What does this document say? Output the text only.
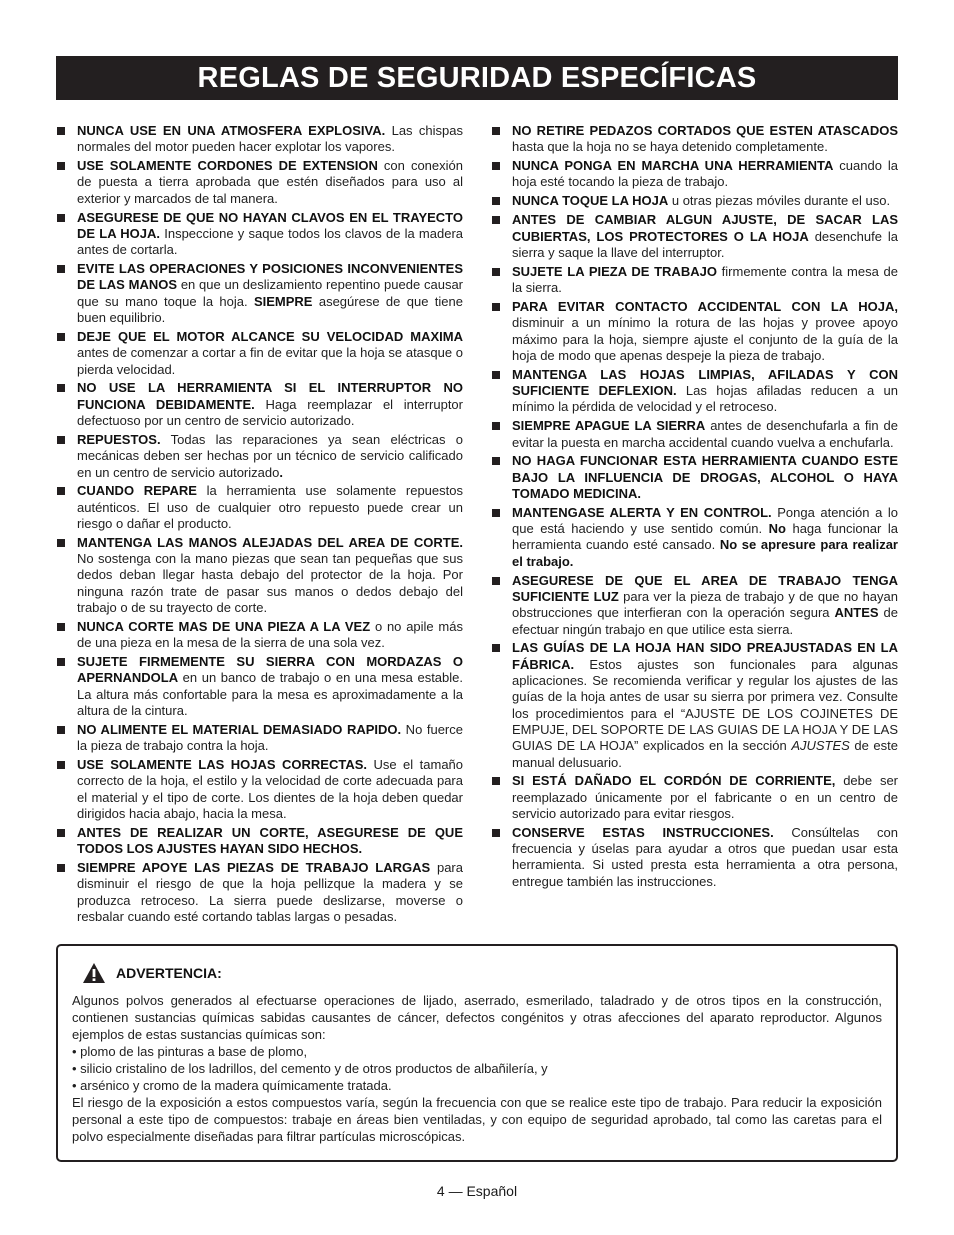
REGLAS DE SEGURIDAD ESPECÍFICAS
NUNCA USE EN UNA ATMOSFERA EXPLOSIVA. Las chispas normales del motor pueden hacer explotar los vapores.
USE SOLAMENTE CORDONES DE EXTENSION con conexión de puesta a tierra aprobada que estén diseñados para uso al exterior y marcados de tal manera.
ASEGURESE DE QUE NO HAYAN CLAVOS EN EL TRAYECTO DE LA HOJA. Inspeccione y saque todos los clavos de la madera antes de cortarla.
EVITE LAS OPERACIONES Y POSICIONES INCONVENIENTES DE LAS MANOS en que un deslizamiento repentino puede causar que su mano toque la hoja. SIEMPRE asegúrese de que tiene buen equilibrio.
DEJE QUE EL MOTOR ALCANCE SU VELOCIDAD MAXIMA antes de comenzar a cortar a fin de evitar que la hoja se atasque o pierda velocidad.
NO USE LA HERRAMIENTA SI EL INTERRUPTOR NO FUNCIONA DEBIDAMENTE. Haga reemplazar el interruptor defectuoso por un centro de servicio autorizado.
REPUESTOS. Todas las reparaciones ya sean eléctricas o mecánicas deben ser hechas por un técnico de servicio calificado en un centro de servicio autorizado.
CUANDO REPARE la herramienta use solamente repuestos auténticos. El uso de cualquier otro repuesto puede crear un riesgo o dañar el producto.
MANTENGA LAS MANOS ALEJADAS DEL AREA DE CORTE. No sostenga con la mano piezas que sean tan pequeñas que sus dedos deban llegar hasta debajo del protector de la hoja. Por ninguna razón trate de pasar sus manos o dedos debajo del trabajo o de su trayecto de corte.
NUNCA CORTE MAS DE UNA PIEZA A LA VEZ o no apile más de una pieza en la mesa de la sierra de una sola vez.
SUJETE FIRMEMENTE SU SIERRA CON MORDAZAS O APERNANDOLA en un banco de trabajo o en una mesa estable. La altura más confortable para la mesa es aproximadamente a la altura de la cintura.
NO ALIMENTE EL MATERIAL DEMASIADO RAPIDO. No fuerce la pieza de trabajo contra la hoja.
USE SOLAMENTE LAS HOJAS CORRECTAS. Use el tamaño correcto de la hoja, el estilo y la velocidad de corte adecuada para el material y el tipo de corte. Los dientes de la hoja deben quedar dirigidos hacia abajo, hacia la mesa.
ANTES DE REALIZAR UN CORTE, ASEGURESE DE QUE TODOS LOS AJUSTES HAYAN SIDO HECHOS.
SIEMPRE APOYE LAS PIEZAS DE TRABAJO LARGAS para disminuir el riesgo de que la hoja pellizque la madera y se produzca retroceso. La sierra puede deslizarse, moverse o resbalar cuando esté cortando tablas largas o pesadas.
NO RETIRE PEDAZOS CORTADOS QUE ESTEN ATASCADOS hasta que la hoja no se haya detenido completamente.
NUNCA PONGA EN MARCHA UNA HERRAMIENTA cuando la hoja esté tocando la pieza de trabajo.
NUNCA TOQUE LA HOJA u otras piezas móviles durante el uso.
ANTES DE CAMBIAR ALGUN AJUSTE, DE SACAR LAS CUBIERTAS, LOS PROTECTORES O LA HOJA desenchufe la sierra y saque la llave del interruptor.
SUJETE LA PIEZA DE TRABAJO firmemente contra la mesa de la sierra.
PARA EVITAR CONTACTO ACCIDENTAL CON LA HOJA, disminuir a un mínimo la rotura de las hojas y provee apoyo máximo para la hoja, siempre ajuste el conjunto de la guía de la hoja de modo que apenas despeje la pieza de trabajo.
MANTENGA LAS HOJAS LIMPIAS, AFILADAS Y CON SUFICIENTE DEFLEXION. Las hojas afiladas reducen a un mínimo la pérdida de velocidad y el retroceso.
SIEMPRE APAGUE LA SIERRA antes de desenchufarla a fin de evitar la puesta en marcha accidental cuando vuelva a enchufarla.
NO HAGA FUNCIONAR ESTA HERRAMIENTA CUANDO ESTE BAJO LA INFLUENCIA DE DROGAS, ALCOHOL O HAYA TOMADO MEDICINA.
MANTENGASE ALERTA Y EN CONTROL. Ponga atención a lo que está haciendo y use sentido común. No haga funcionar la herramienta cuando esté cansado. No se apresure para realizar el trabajo.
ASEGURESE DE QUE EL AREA DE TRABAJO TENGA SUFICIENTE LUZ para ver la pieza de trabajo y de que no hayan obstrucciones que interfieran con la operación segura ANTES de efectuar ningún trabajo en que utilice esta sierra.
LAS GUÍAS DE LA HOJA HAN SIDO PREAJUSTADAS EN LA FÁBRICA. Estos ajustes son funcionales para algunas aplicaciones. Se recomienda verificar y regular los ajustes de las guías de la hoja antes de usar su sierra por primera vez. Consulte los procedimientos para el “AJUSTE DE LOS COJINETES DE EMPUJE, DEL SOPORTE DE LAS GUIAS DE LA HOJA Y DE LAS GUIAS DE LA HOJA” explicados en la sección AJUSTES de este manual delusuario.
SI ESTÁ DAÑADO EL CORDÓN DE CORRIENTE, debe ser reemplazado únicamente por el fabricante o en un centro de servicio autorizado para evitar riesgos.
CONSERVE ESTAS INSTRUCCIONES. Consúltelas con frecuencia y úselas para ayudar a otros que puedan usar esta herramienta. Si usted presta esta herramienta a otra persona, entregue también las instrucciones.
ADVERTENCIA:

Algunos polvos generados al efectuarse operaciones de lijado, aserrado, esmerilado, taladrado y de otros tipos en la construcción, contienen sustancias químicas sabidas causantes de cáncer, defectos congénitos y otras afecciones del aparato reproductor. Algunos ejemplos de estas sustancias químicas son:

• plomo de las pinturas a base de plomo,
• silicio cristalino de los ladrillos, del cemento y de otros productos de albañilería, y
• arsénico y cromo de la madera químicamente tratada.

El riesgo de la exposición a estos compuestos varía, según la frecuencia con que se realice este tipo de trabajo. Para reducir la exposición personal a este tipo de compuestos: trabaje en áreas bien ventiladas, y con equipo de seguridad aprobado, tal como las caretas para el polvo especialmente diseñadas para filtrar partículas microscópicas.

4 — Español
